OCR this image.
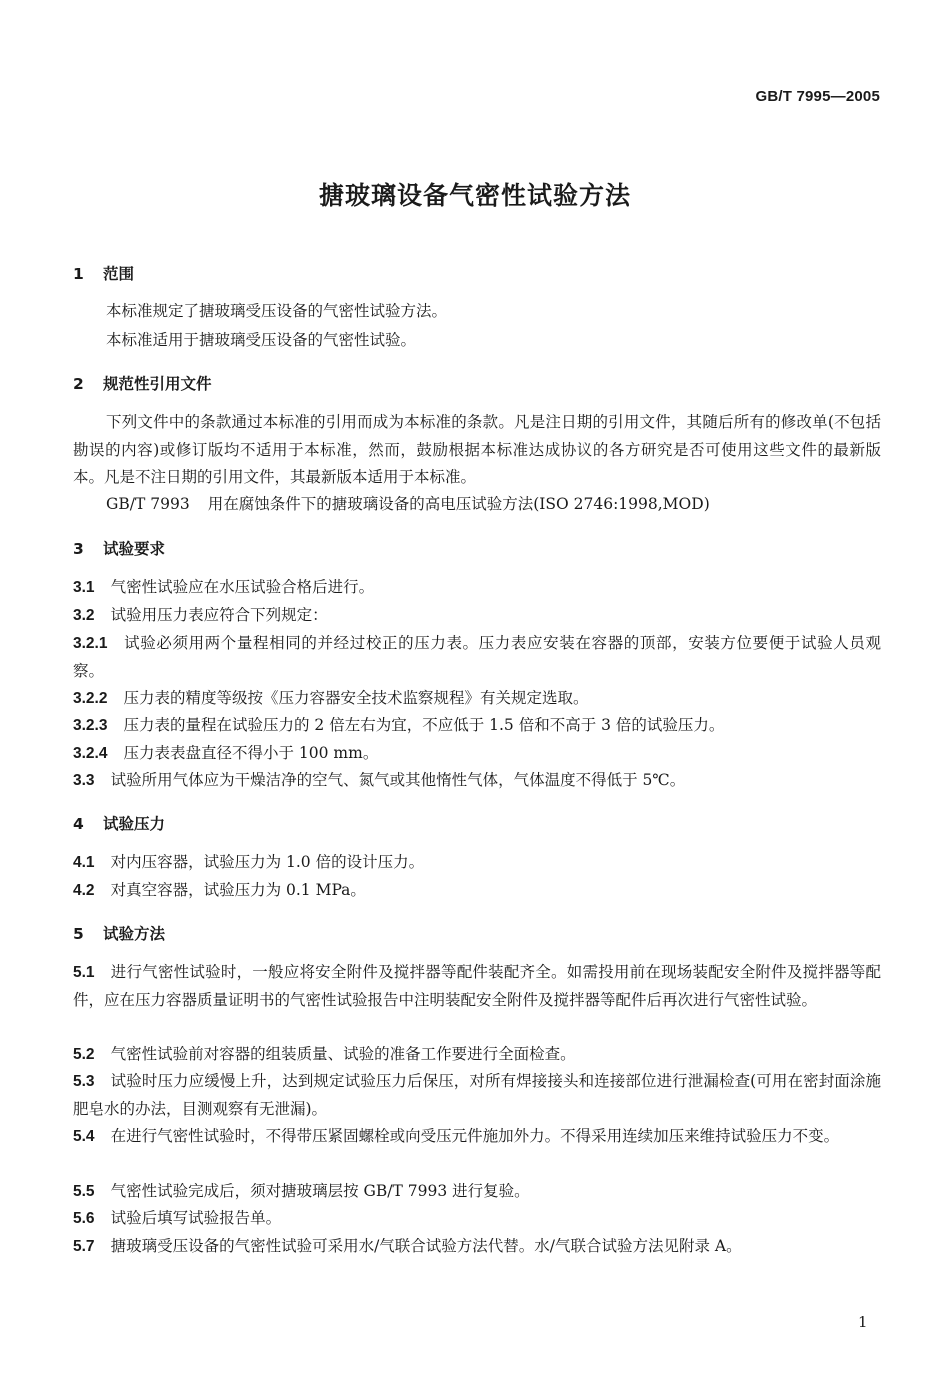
GB/T 7995—2005
搪玻璃设备气密性试验方法
1 范围

本标准规定了搪玻璃受压设备的气密性试验方法。

本标准适用于搪玻璃受压设备的气密性试验。

2 规范性引用文件

下列文件中的条款通过本标准的引用而成为本标准的条款。凡是注日期的引用文件，其随后所有的修改单(不包括勘误的内容)或修订版均不适用于本标准，然而，鼓励根据本标准达成协议的各方研究是否可使用这些文件的最新版本。凡是不注日期的引用文件，其最新版本适用于本标准。

GB/T 7993 用在腐蚀条件下的搪玻璃设备的高电压试验方法(ISO 2746:1998,MOD)

3 试验要求

3.1 气密性试验应在水压试验合格后进行。

3.2 试验用压力表应符合下列规定：

3.2.1 试验必须用两个量程相同的并经过校正的压力表。压力表应安装在容器的顶部，安装方位要便于试验人员观察。

3.2.2 压力表的精度等级按《压力容器安全技术监察规程》有关规定选取。

3.2.3 压力表的量程在试验压力的 2 倍左右为宜，不应低于 1.5 倍和不高于 3 倍的试验压力。

3.2.4 压力表表盘直径不得小于 100 mm。

3.3 试验所用气体应为干燥洁净的空气、氮气或其他惰性气体，气体温度不得低于 5℃。

4 试验压力

4.1 对内压容器，试验压力为 1.0 倍的设计压力。

4.2 对真空容器，试验压力为 0.1 MPa。

5 试验方法

5.1 进行气密性试验时，一般应将安全附件及搅拌器等配件装配齐全。如需投用前在现场装配安全附件及搅拌器等配件，应在压力容器质量证明书的气密性试验报告中注明装配安全附件及搅拌器等配件后再次进行气密性试验。

5.2 气密性试验前对容器的组装质量、试验的准备工作要进行全面检查。

5.3 试验时压力应缓慢上升，达到规定试验压力后保压，对所有焊接接头和连接部位进行泄漏检查(可用在密封面涂施肥皂水的办法，目测观察有无泄漏)。

5.4 在进行气密性试验时，不得带压紧固螺栓或向受压元件施加外力。不得采用连续加压来维持试验压力不变。

5.5 气密性试验完成后，须对搪玻璃层按 GB/T 7993 进行复验。

5.6 试验后填写试验报告单。

5.7 搪玻璃受压设备的气密性试验可采用水/气联合试验方法代替。水/气联合试验方法见附录 A。

1
